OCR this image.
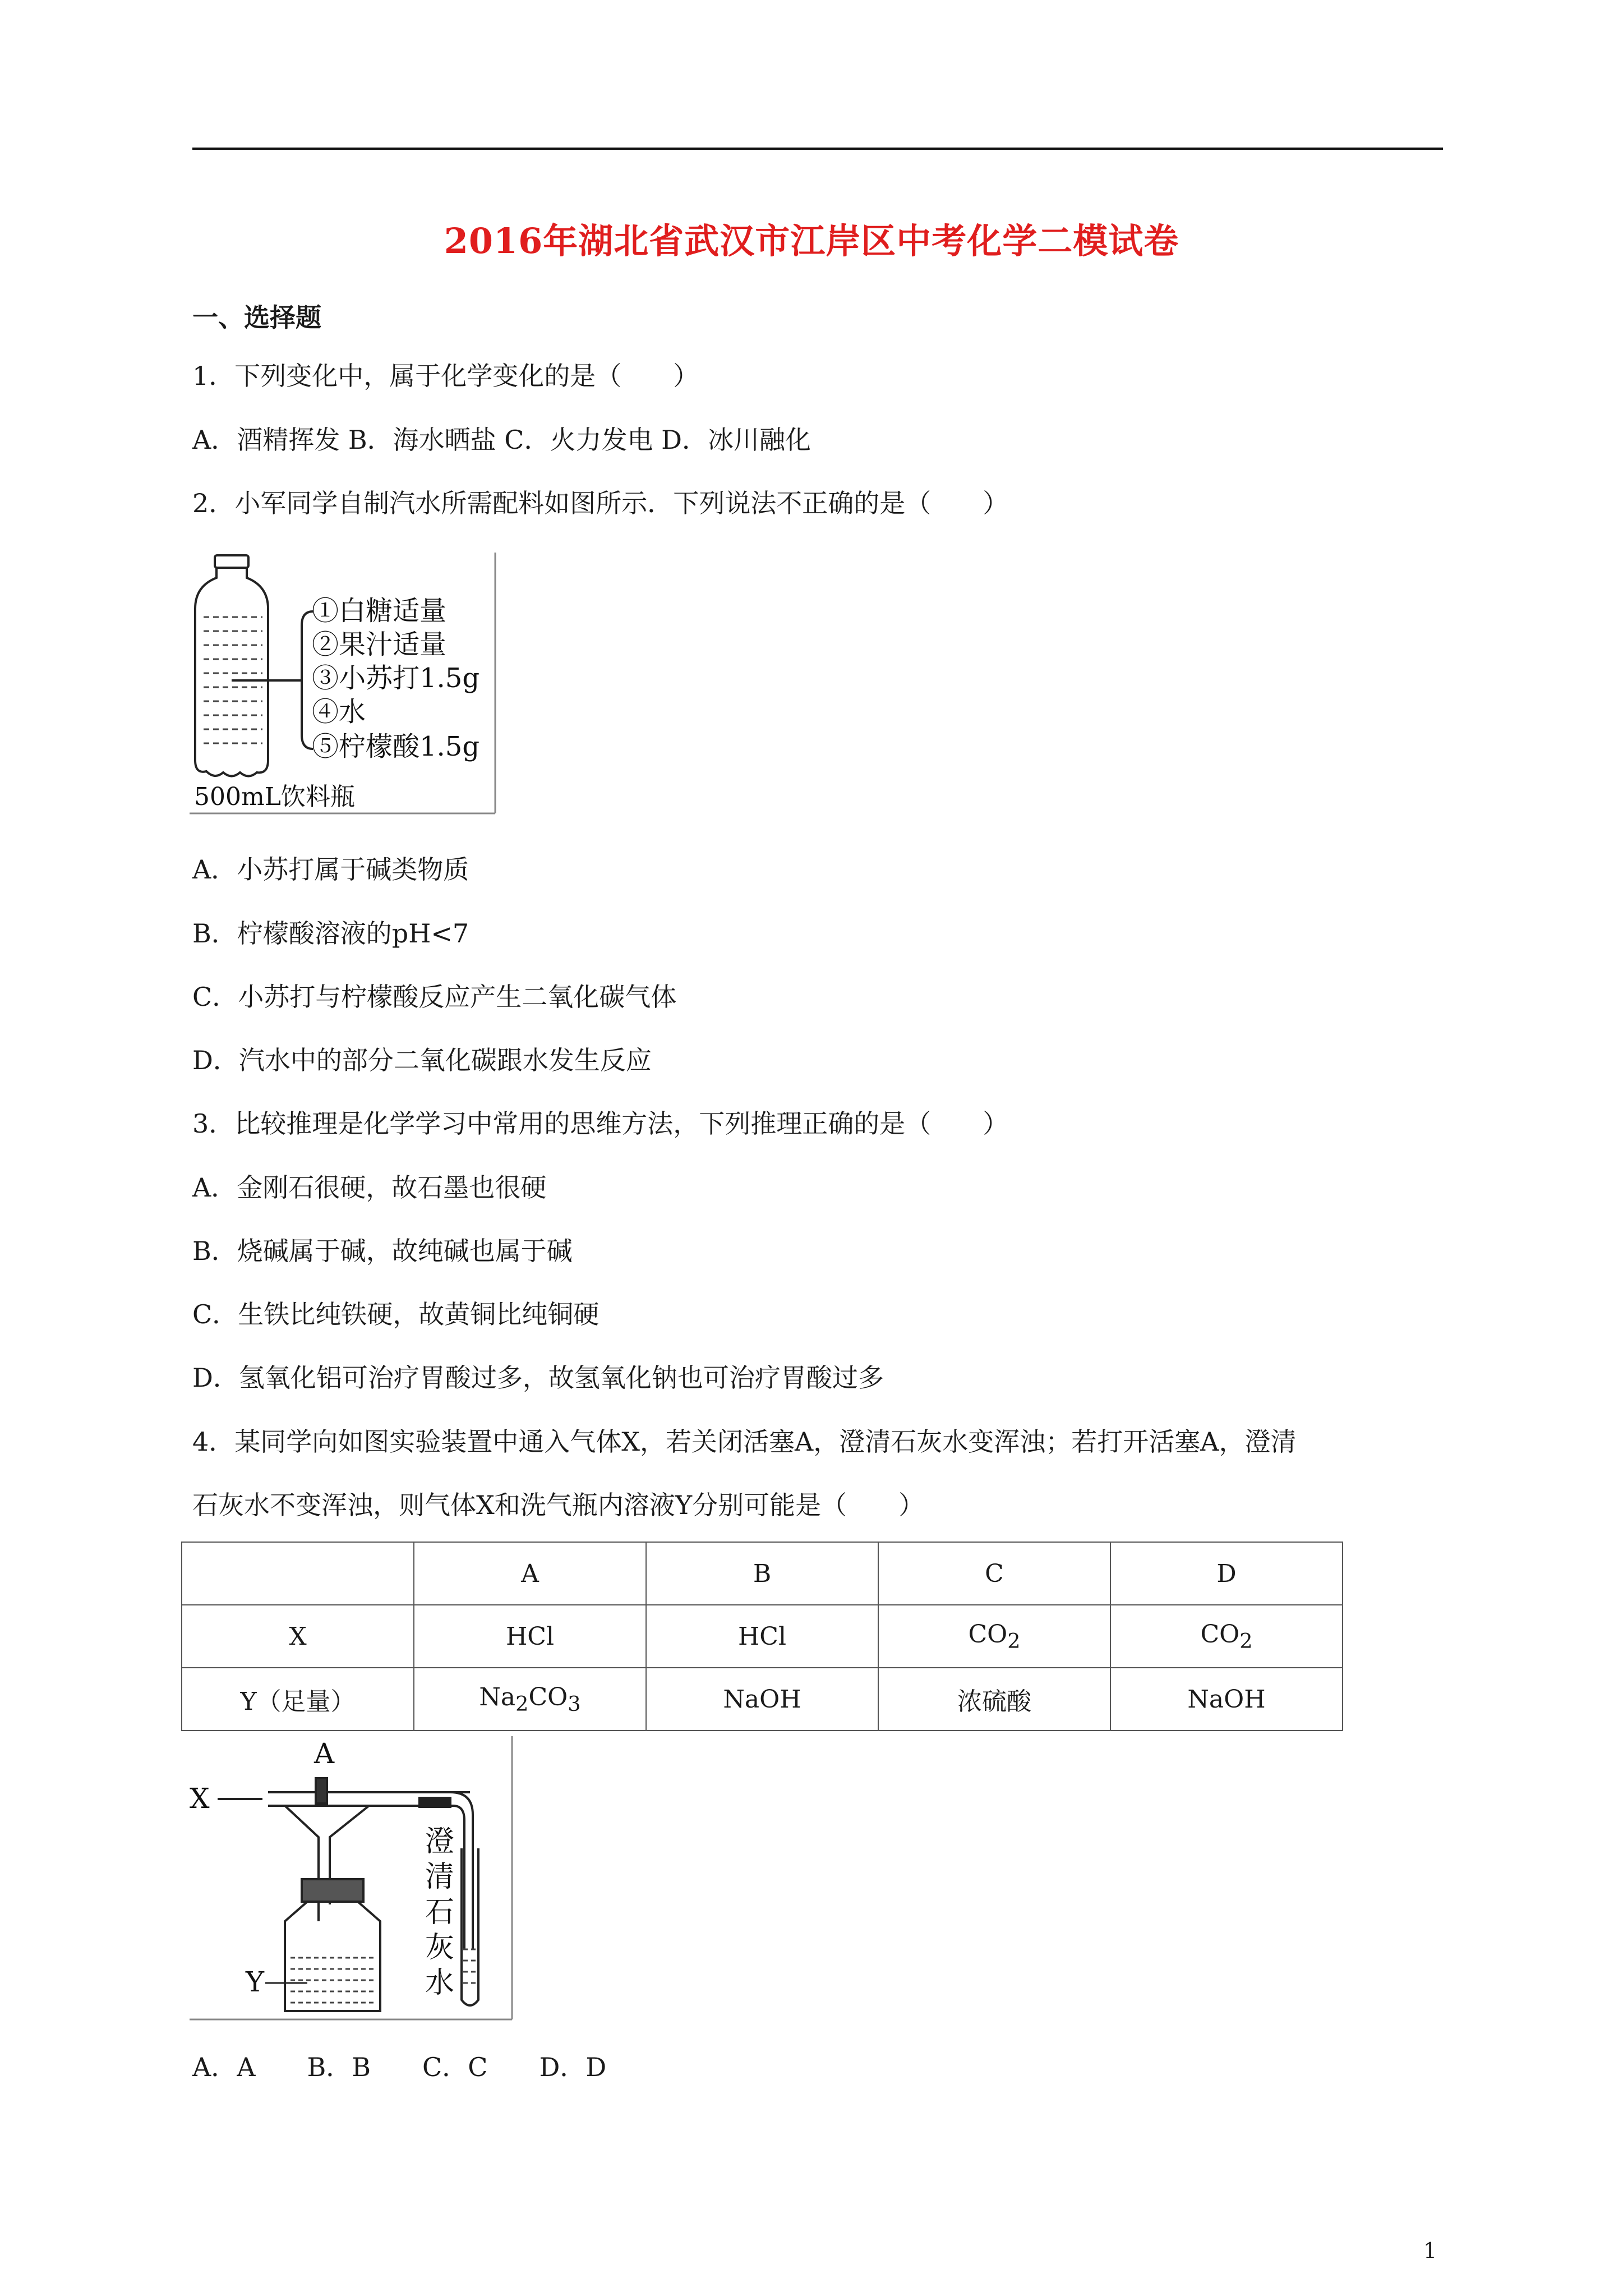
2016年湖北省武汉市江岸区中考化学二模试卷
一、选择题
1．下列变化中，属于化学变化的是（　　）
A．酒精挥发 B．海水晒盐 C．火力发电 D．冰川融化
2．小军同学自制汽水所需配料如图所示．下列说法不正确的是（　　）
①白糖适量
②果汁适量
③小苏打1.5g
④水
⑤柠檬酸1.5g
500mL饮料瓶
A．小苏打属于碱类物质
B．柠檬酸溶液的pH<7
C．小苏打与柠檬酸反应产生二氧化碳气体
D．汽水中的部分二氧化碳跟水发生反应
3．比较推理是化学学习中常用的思维方法，下列推理正确的是（　　）
A．金刚石很硬，故石墨也很硬
B．烧碱属于碱，故纯碱也属于碱
C．生铁比纯铁硬，故黄铜比纯铜硬
D．氢氧化铝可治疗胃酸过多，故氢氧化钠也可治疗胃酸过多
4．某同学向如图实验装置中通入气体X，若关闭活塞A，澄清石灰水变浑浊；若打开活塞A，澄清
石灰水不变浑浊，则气体X和洗气瓶内溶液Y分别可能是（　　）
	A	B	C	D
X	HCl	HCl	$CO_2$	$CO_2$
Y（足量）	$Na_2CO_3$	NaOH	浓硫酸	NaOH
A
X
Y
澄
清
石
灰
水
A．A　　B．B　　C．C　　D．D
1
